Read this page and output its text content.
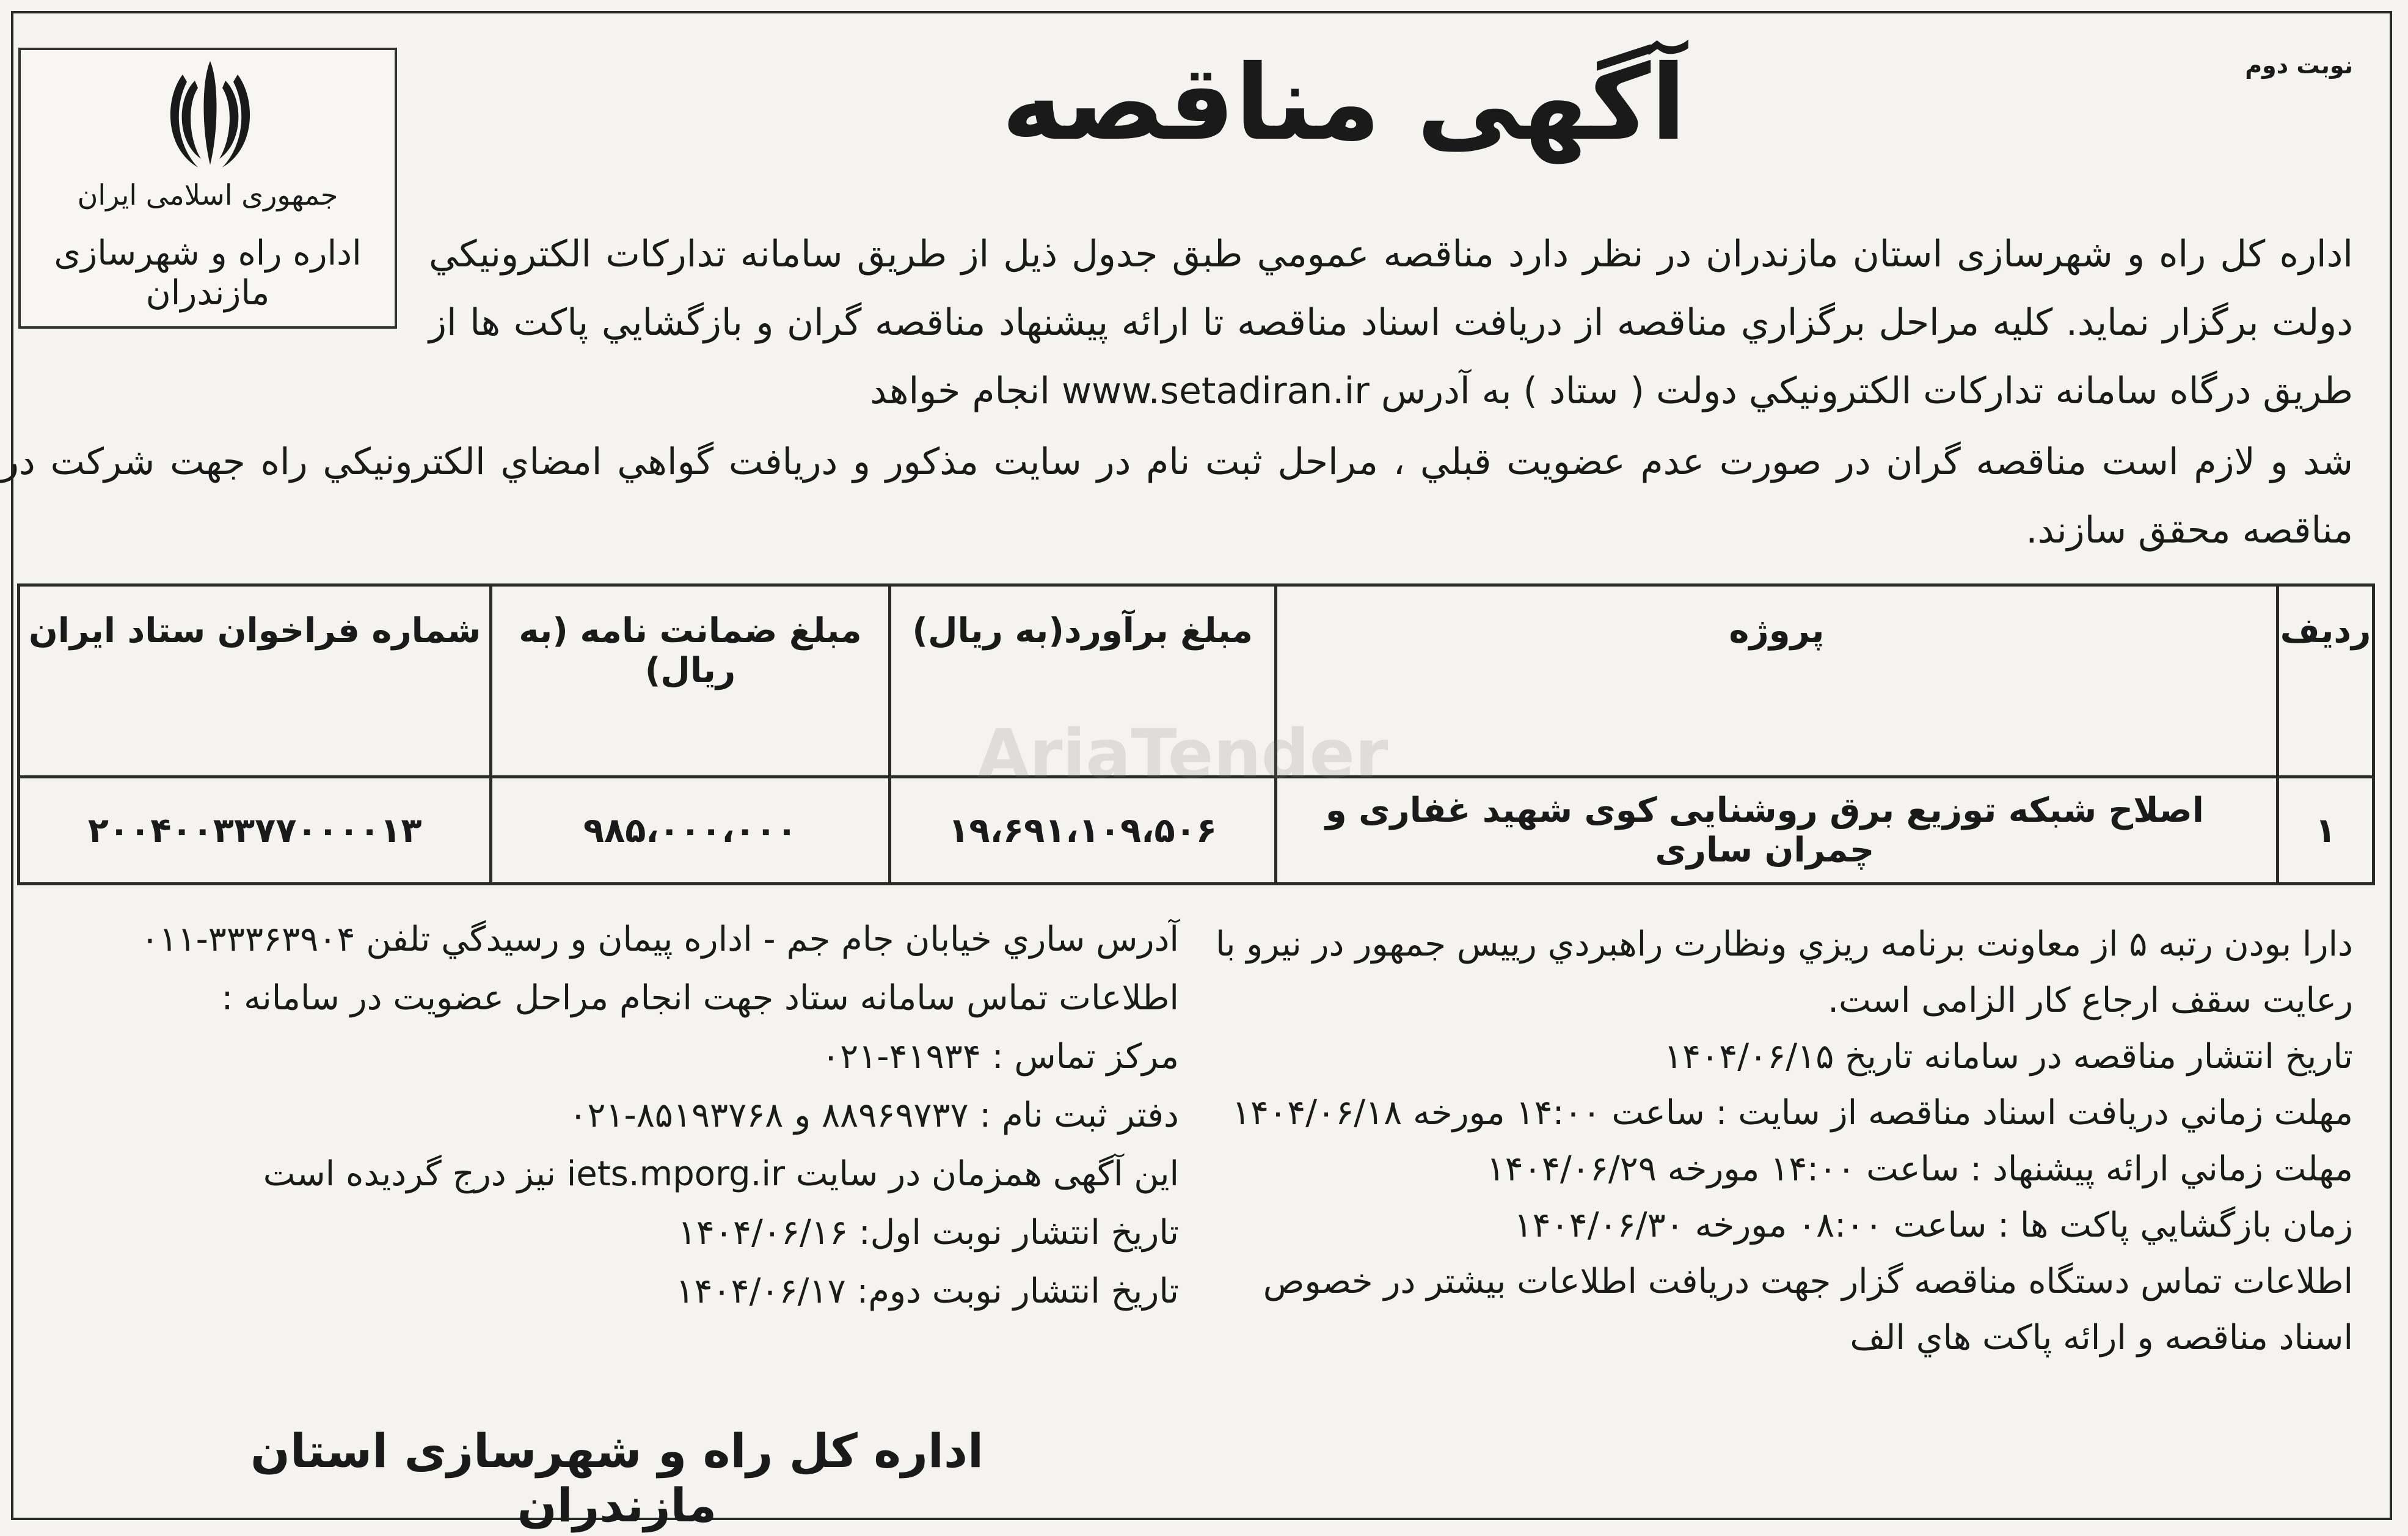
نوبت دوم
آگهی مناقصه
جمهوری اسلامی ایران
اداره راه و شهرسازی مازندران
اداره کل راه و شهرسازی استان مازندران در نظر دارد مناقصه عمومي طبق جدول ذیل از طریق سامانه تدارکات الکترونیکي دولت برگزار نماید. کلیه مراحل برگزاري مناقصه از دریافت اسناد مناقصه تا ارائه پیشنهاد مناقصه گران و بازگشایي پاکت ها از طریق درگاه سامانه تدارکات الکترونیکي دولت ( ستاد ) به آدرس www.setadiran.ir انجام خواهد
شد و لازم است مناقصه گران در صورت عدم عضویت قبلي ، مراحل ثبت نام در سایت مذکور و دریافت گواهي امضاي الکترونیکي راه جهت شرکت در مناقصه محقق سازند.
ردیف	پروژه	مبلغ برآورد(به ریال)	مبلغ ضمانت نامه (به ریال)	شماره فراخوان ستاد ایران
۱	اصلاح شبکه توزیع برق روشنایی کوی شهید غفاری و چمران ساری	۱۹،۶۹۱،۱۰۹،۵۰۶	۹۸۵،۰۰۰،۰۰۰	۲۰۰۴۰۰۳۳۷۷۰۰۰۰۱۳
AriaTender

دارا بودن رتبه ۵ از معاونت برنامه ریزي ونظارت راهبردي رییس جمهور در نیرو با رعایت سقف ارجاع کار الزامی است.

تاریخ انتشار مناقصه در سامانه تاریخ ۱۴۰۴/۰۶/۱۵

مهلت زماني دریافت اسناد مناقصه از سایت : ساعت ۱۴:۰۰ مورخه ۱۴۰۴/۰۶/۱۸

مهلت زماني ارائه پیشنهاد : ساعت ۱۴:۰۰ مورخه ۱۴۰۴/۰۶/۲۹

زمان بازگشایي پاکت ها : ساعت ۰۸:۰۰ مورخه ۱۴۰۴/۰۶/۳۰

اطلاعات تماس دستگاه مناقصه گزار جهت دریافت اطلاعات بیشتر در خصوص اسناد مناقصه و ارائه پاکت هاي الف

آدرس ساري خیابان جام جم - اداره پیمان و رسیدگي تلفن ۳۳۳۶۳۹۰۴-۰۱۱

اطلاعات تماس سامانه ستاد جهت انجام مراحل عضویت در سامانه :

مرکز تماس : ۴۱۹۳۴-۰۲۱

دفتر ثبت نام : ۸۸۹۶۹۷۳۷ و ۸۵۱۹۳۷۶۸-۰۲۱

این آگهی همزمان در سایت iets.mporg.ir نیز درج گردیده است

تاریخ انتشار نوبت اول: ۱۴۰۴/۰۶/۱۶

تاریخ انتشار نوبت دوم: ۱۴۰۴/۰۶/۱۷

اداره کل راه و شهرسازی استان مازندران
